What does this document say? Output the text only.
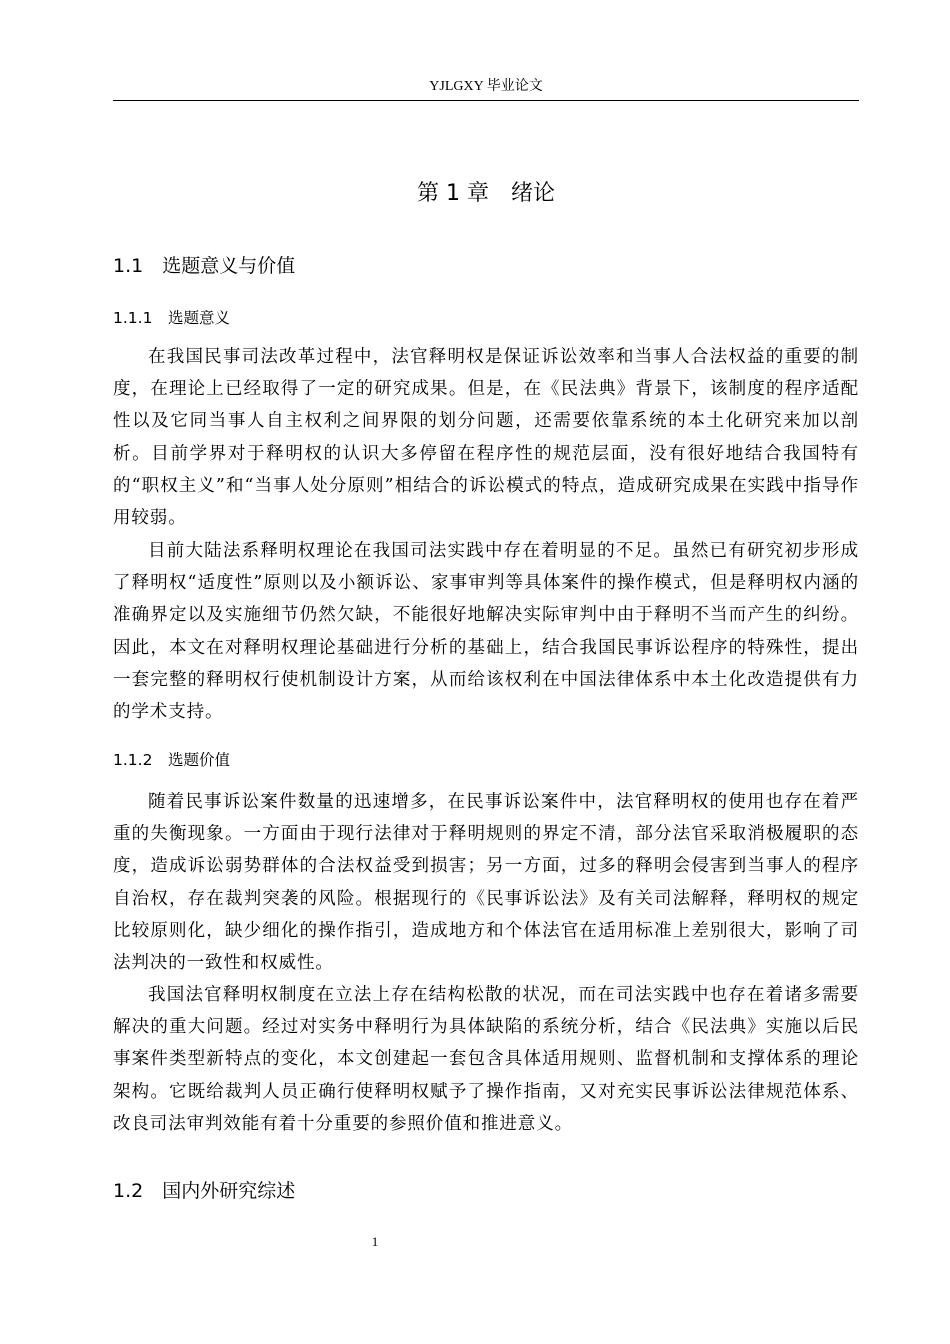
YJLGXY 毕业论文
第 1 章　绪论
1.1　选题意义与价值
1.1.1　选题意义

在我国民事司法改革过程中，法官释明权是保证诉讼效率和当事人合法权益的重要的制度，在理论上已经取得了一定的研究成果。但是，在《民法典》背景下，该制度的程序适配性以及它同当事人自主权利之间界限的划分问题，还需要依靠系统的本土化研究来加以剖析。目前学界对于释明权的认识大多停留在程序性的规范层面，没有很好地结合我国特有的“职权主义”和“当事人处分原则”相结合的诉讼模式的特点，造成研究成果在实践中指导作用较弱。

目前大陆法系释明权理论在我国司法实践中存在着明显的不足。虽然已有研究初步形成了释明权“适度性”原则以及小额诉讼、家事审判等具体案件的操作模式，但是释明权内涵的准确界定以及实施细节仍然欠缺，不能很好地解决实际审判中由于释明不当而产生的纠纷。因此，本文在对释明权理论基础进行分析的基础上，结合我国民事诉讼程序的特殊性，提出一套完整的释明权行使机制设计方案，从而给该权利在中国法律体系中本土化改造提供有力的学术支持。

1.1.2　选题价值

随着民事诉讼案件数量的迅速增多，在民事诉讼案件中，法官释明权的使用也存在着严重的失衡现象。一方面由于现行法律对于释明规则的界定不清，部分法官采取消极履职的态度，造成诉讼弱势群体的合法权益受到损害；另一方面，过多的释明会侵害到当事人的程序自治权，存在裁判突袭的风险。根据现行的《民事诉讼法》及有关司法解释，释明权的规定比较原则化，缺少细化的操作指引，造成地方和个体法官在适用标准上差别很大，影响了司法判决的一致性和权威性。

我国法官释明权制度在立法上存在结构松散的状况，而在司法实践中也存在着诸多需要解决的重大问题。经过对实务中释明行为具体缺陷的系统分析，结合《民法典》实施以后民事案件类型新特点的变化，本文创建起一套包含具体适用规则、监督机制和支撑体系的理论架构。它既给裁判人员正确行使释明权赋予了操作指南，又对充实民事诉讼法律规范体系、改良司法审判效能有着十分重要的参照价值和推进意义。

1.2　国内外研究综述
1
